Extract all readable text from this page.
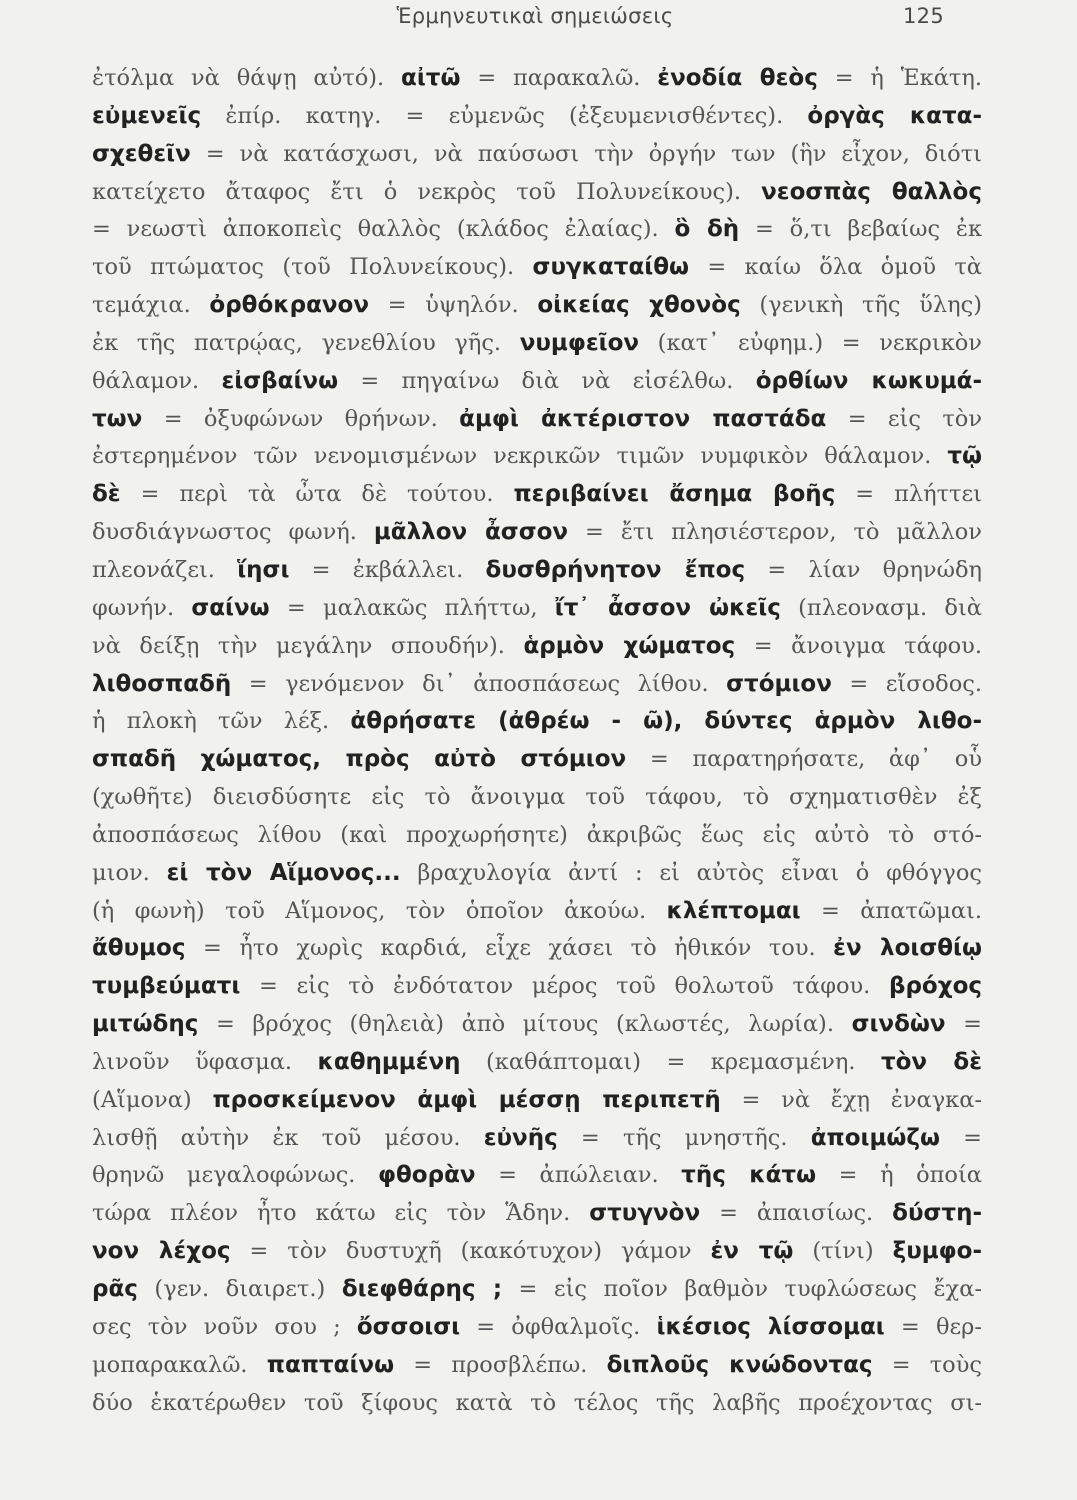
Ἑρμηνευτικαὶ σημειώσεις	125
ἐτόλμα νὰ θάψῃ αὐτό). αἰτῶ = παρακαλῶ. ἐνοδία θεὸς = ἡ Ἑκάτη.
εὐμενεῖς ἐπίρ. κατηγ. = εὐμενῶς (ἐξευμενισθέντες). ὀργὰς κατα-
σχεθεῖν = νὰ κατάσχωσι, νὰ παύσωσι τὴν ὀργήν των (ἣν εἶχον, διότι
κατείχετο ἄταφος ἔτι ὁ νεκρὸς τοῦ Πολυνείκους). νεοσπὰς θαλλὸς
= νεωστὶ ἀποκοπεὶς θαλλὸς (κλάδος ἐλαίας). ὃ δὴ = ὅ,τι βεβαίως ἐκ
τοῦ πτώματος (τοῦ Πολυνείκους). συγκαταίθω = καίω ὅλα ὁμοῦ τὰ
τεμάχια. ὀρθόκρανον = ὑψηλόν. οἰκείας χθονὸς (γενικὴ τῆς ὕλης)
ἐκ τῆς πατρῴας, γενεθλίου γῆς. νυμφεῖον (κατ᾽ εὐφημ.) = νεκρικὸν
θάλαμον. εἰσβαίνω = πηγαίνω διὰ νὰ εἰσέλθω. ὀρθίων κωκυμά-
των = ὀξυφώνων θρήνων. ἀμφὶ ἀκτέριστον παστάδα = εἰς τὸν
ἐστερημένον τῶν νενομισμένων νεκρικῶν τιμῶν νυμφικὸν θάλαμον. τῷ
δὲ = περὶ τὰ ὦτα δὲ τούτου. περιβαίνει ἄσημα βοῆς = πλήττει
δυσδιάγνωστος φωνή. μᾶλλον ἆσσον = ἔτι πλησιέστερον, τὸ μᾶλλον
πλεονάζει. ἵησι = ἐκβάλλει. δυσθρήνητον ἔπος = λίαν θρηνώδη
φωνήν. σαίνω = μαλακῶς πλήττω, ἴτ᾽ ἆσσον ὠκεῖς (πλεονασμ. διὰ
νὰ δείξῃ τὴν μεγάλην σπουδήν). ἁρμὸν χώματος = ἄνοιγμα τάφου.
λιθοσπαδῆ = γενόμενον δι᾽ ἀποσπάσεως λίθου. στόμιον = εἴσοδος.
ἡ πλοκὴ τῶν λέξ. ἀθρήσατε (ἀθρέω - ῶ), δύντες ἁρμὸν λιθο-
σπαδῆ χώματος, πρὸς αὐτὸ στόμιον = παρατηρήσατε, ἀφ᾽ οὗ
(χωθῆτε) διεισδύσητε εἰς τὸ ἄνοιγμα τοῦ τάφου, τὸ σχηματισθὲν ἐξ
ἀποσπάσεως λίθου (καὶ προχωρήσητε) ἀκριβῶς ἕως εἰς αὐτὸ τὸ στό-
μιον. εἰ τὸν Αἵμονος... βραχυλογία ἀντί : εἰ αὐτὸς εἶναι ὁ φθόγγος
(ἡ φωνὴ) τοῦ Αἵμονος, τὸν ὁποῖον ἀκούω. κλέπτομαι = ἀπατῶμαι.
ἄθυμος = ἦτο χωρὶς καρδιά, εἶχε χάσει τὸ ἠθικόν του. ἐν λοισθίῳ
τυμβεύματι = εἰς τὸ ἐνδότατον μέρος τοῦ θολωτοῦ τάφου. βρόχος
μιτώδης = βρόχος (θηλειὰ) ἀπὸ μίτους (κλωστές, λωρία). σινδὼν =
λινοῦν ὕφασμα. καθημμένη (καθάπτομαι) = κρεμασμένη. τὸν δὲ
(Αἵμονα) προσκείμενον ἀμφὶ μέσσῃ περιπετῆ = νὰ ἔχῃ ἐναγκα-
λισθῇ αὐτὴν ἐκ τοῦ μέσου. εὐνῆς = τῆς μνηστῆς. ἀποιμώζω =
θρηνῶ μεγαλοφώνως. φθορὰν = ἀπώλειαν. τῆς κάτω = ἡ ὁποία
τώρα πλέον ἦτο κάτω εἰς τὸν Ἅδην. στυγνὸν = ἀπαισίως. δύστη-
νον λέχος = τὸν δυστυχῆ (κακότυχον) γάμον ἐν τῷ (τίνι) ξυμφο-
ρᾶς (γεν. διαιρετ.) διεφθάρης ; = εἰς ποῖον βαθμὸν τυφλώσεως ἔχα-
σες τὸν νοῦν σου ; ὄσσοισι = ὀφθαλμοῖς. ἱκέσιος λίσσομαι = θερ-
μοπαρακαλῶ. παπταίνω = προσβλέπω. διπλοῦς κνώδοντας = τοὺς
δύο ἑκατέρωθεν τοῦ ξίφους κατὰ τὸ τέλος τῆς λαβῆς προέχοντας σι-
